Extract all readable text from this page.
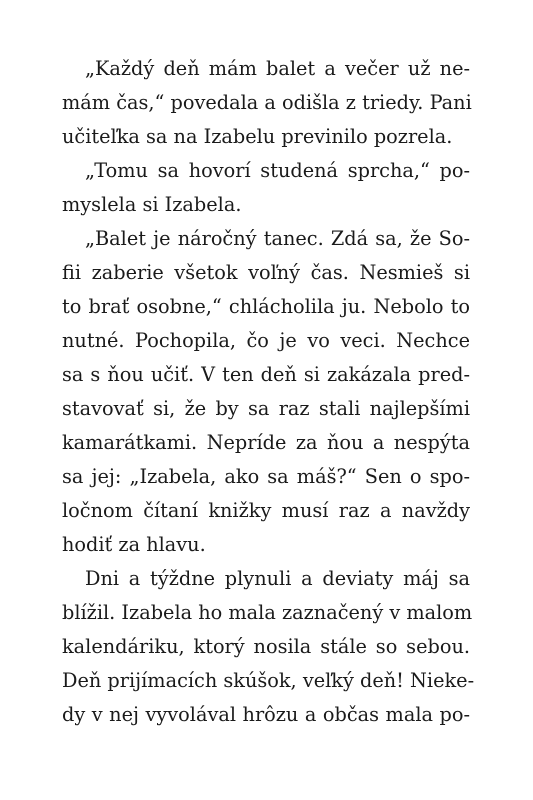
„Každý deň mám balet a večer už ne-
mám čas,“ povedala a odišla z triedy. Pani
učiteľka sa na Izabelu previnilo pozrela.
„Tomu sa hovorí studená sprcha,“ po-
myslela si Izabela.
„Balet je náročný tanec. Zdá sa, že So-
fii zaberie všetok voľný čas. Nesmieš si
to brať osobne,“ chlácholila ju. Nebolo to
nutné. Pochopila, čo je vo veci. Nechce
sa s ňou učiť. V ten deň si zakázala pred-
stavovať si, že by sa raz stali najlepšími
kamarátkami. Nepríde za ňou a nespýta
sa jej: „Izabela, ako sa máš?“ Sen o spo-
ločnom čítaní knižky musí raz a navždy
hodiť za hlavu.
Dni a týždne plynuli a deviaty máj sa
blížil. Izabela ho mala zaznačený v malom
kalendáriku, ktorý nosila stále so sebou.
Deň prijímacích skúšok, veľký deň! Nieke-
dy v nej vyvolával hrôzu a občas mala po-
